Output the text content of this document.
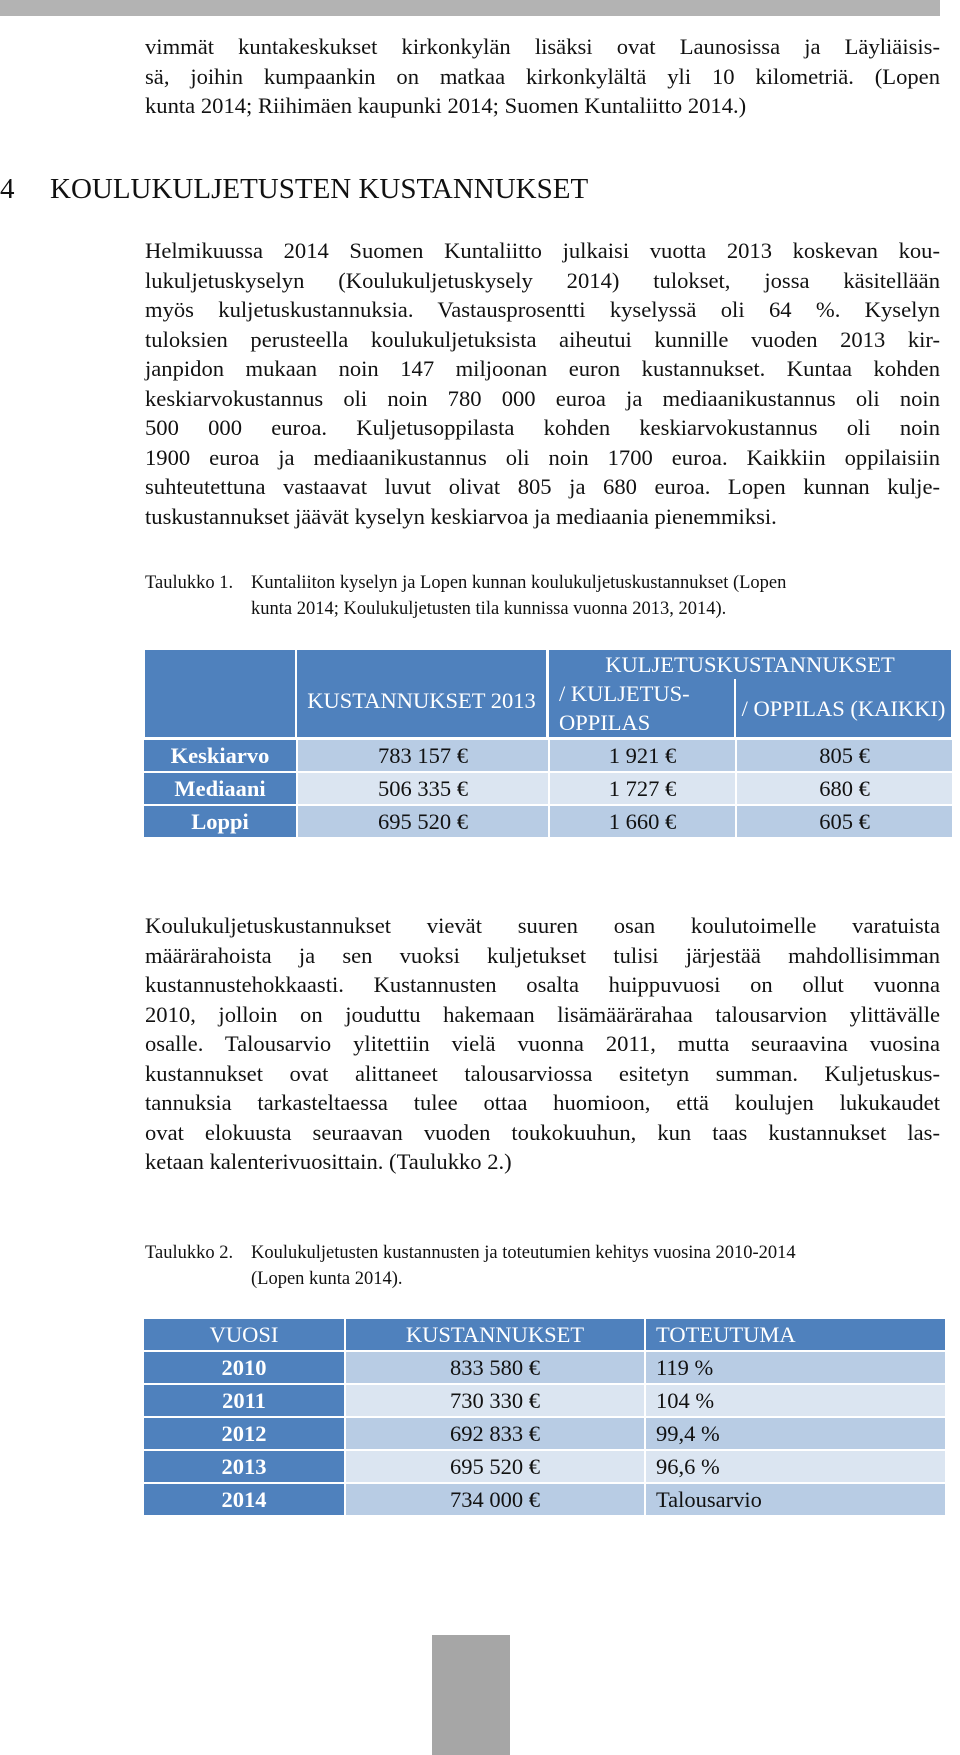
vimmät kuntakeskukset kirkonkylän lisäksi ovat Launosissa ja Läyliäisis-
sä, joihin kumpaankin on matkaa kirkonkylältä yli 10 kilometriä. (Lopen
kunta 2014; Riihimäen kaupunki 2014; Suomen Kuntaliitto 2014.)

4 KOULUKULJETUSTEN KUSTANNUKSET

Helmikuussa 2014 Suomen Kuntaliitto julkaisi vuotta 2013 koskevan kou-
lukuljetuskyselyn (Koulukuljetuskysely 2014) tulokset, jossa käsitellään
myös kuljetuskustannuksia. Vastausprosentti kyselyssä oli 64 %. Kyselyn
tuloksien perusteella koulukuljetuksista aiheutui kunnille vuoden 2013 kir-
janpidon mukaan noin 147 miljoonan euron kustannukset. Kuntaa kohden
keskiarvokustannus oli noin 780 000 euroa ja mediaanikustannus oli noin
500 000 euroa. Kuljetusoppilasta kohden keskiarvokustannus oli noin
1900 euroa ja mediaanikustannus oli noin 1700 euroa. Kaikkiin oppilaisiin
suhteutettuna vastaavat luvut olivat 805 ja 680 euroa. Lopen kunnan kulje-
tuskustannukset jäävät kyselyn keskiarvoa ja mediaania pienemmiksi.

Taulukko 1. Kuntaliiton kyselyn ja Lopen kunnan koulukuljetuskustannukset (Lopen
kunta 2014; Koulukuljetusten tila kunnissa vuonna 2013, 2014).

	KUSTANNUKSET 2013	KULJETUSKUSTANNUKSET	
		/ KULJETUS-OPPILAS	/ OPPILAS (KAIKKI)
Keskiarvo	783 157 €	1 921 €	805 €
Mediaani	506 335 €	1 727 €	680 €
Loppi	695 520 €	1 660 €	605 €

Koulukuljetuskustannukset vievät suuren osan koulutoimelle varatuista
määrärahoista ja sen vuoksi kuljetukset tulisi järjestää mahdollisimman
kustannustehokkaasti. Kustannusten osalta huippuvuosi on ollut vuonna
2010, jolloin on jouduttu hakemaan lisämäärärahaa talousarvion ylittävälle
osalle. Talousarvio ylitettiin vielä vuonna 2011, mutta seuraavina vuosina
kustannukset ovat alittaneet talousarviossa esitetyn summan. Kuljetuskus-
tannuksia tarkasteltaessa tulee ottaa huomioon, että koulujen lukukaudet
ovat elokuusta seuraavan vuoden toukokuuhun, kun taas kustannukset las-
ketaan kalenterivuosittain. (Taulukko 2.)

Taulukko 2. Koulukuljetusten kustannusten ja toteutumien kehitys vuosina 2010-2014
(Lopen kunta 2014).

VUOSI	KUSTANNUKSET	TOTEUTUMA
2010	833 580 €	119 %
2011	730 330 €	104 %
2012	692 833 €	99,4 %
2013	695 520 €	96,6 %
2014	734 000 €	Talousarvio
